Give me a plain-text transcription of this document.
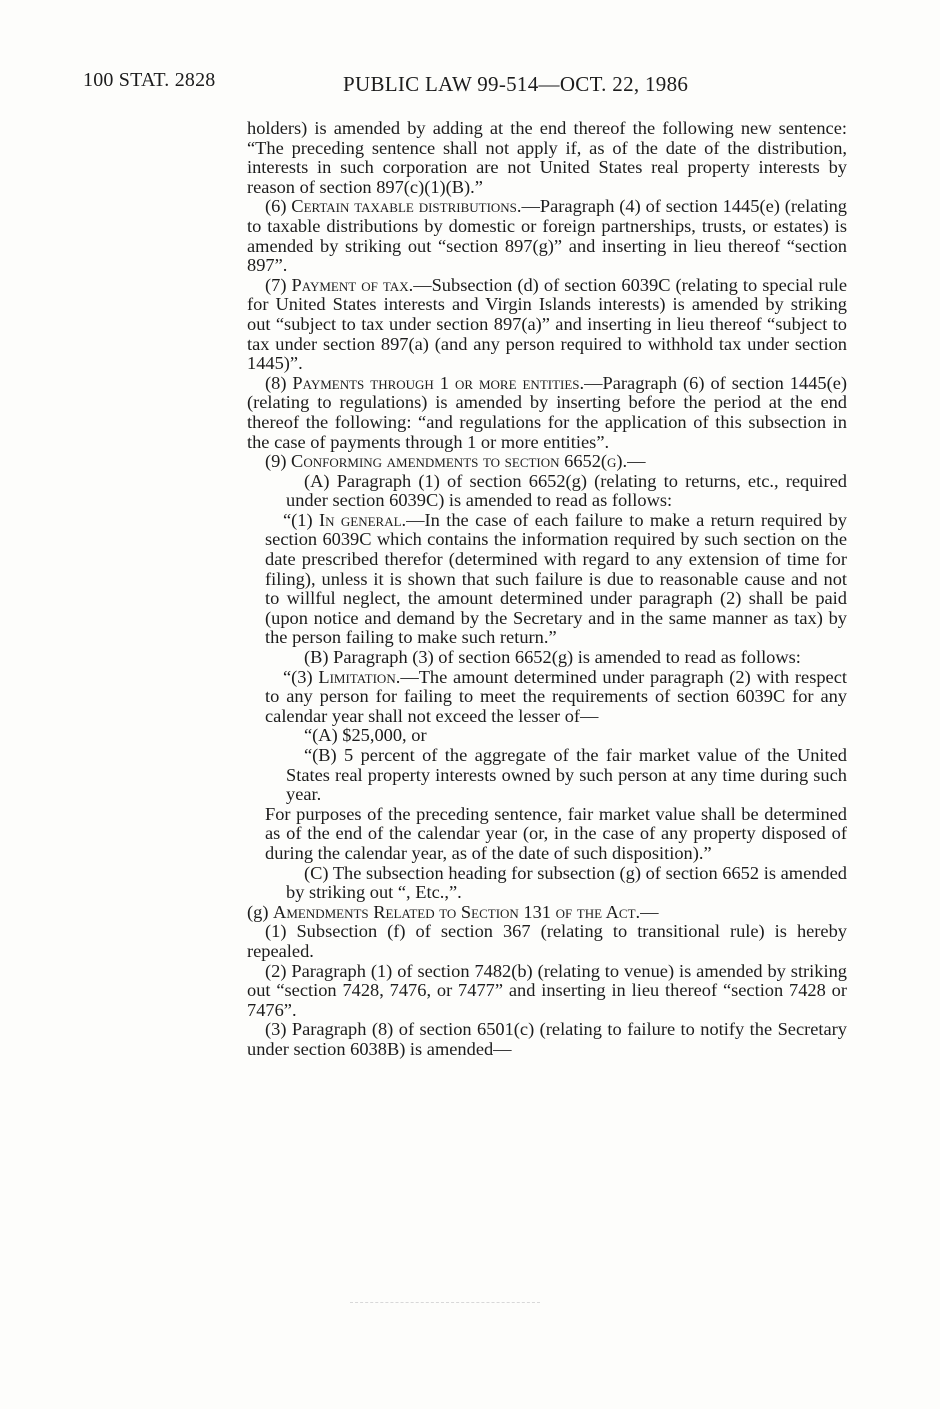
100 STAT. 2828	PUBLIC LAW 99-514—OCT. 22, 1986

holders) is amended by adding at the end thereof the following new sentence: “The preceding sentence shall not apply if, as of the date of the distribution, interests in such corporation are not United States real property interests by reason of section 897(c)(1)(B).”

(6) Certain taxable distributions.—Paragraph (4) of section 1445(e) (relating to taxable distributions by domestic or foreign partnerships, trusts, or estates) is amended by striking out “section 897(g)” and inserting in lieu thereof “section 897”.

(7) Payment of tax.—Subsection (d) of section 6039C (relating to special rule for United States interests and Virgin Islands interests) is amended by striking out “subject to tax under section 897(a)” and inserting in lieu thereof “subject to tax under section 897(a) (and any person required to withhold tax under section 1445)”.

(8) Payments through 1 or more entities.—Paragraph (6) of section 1445(e) (relating to regulations) is amended by inserting before the period at the end thereof the following: “and regulations for the application of this subsection in the case of payments through 1 or more entities”.

(9) Conforming amendments to section 6652(g).—

(A) Paragraph (1) of section 6652(g) (relating to returns, etc., required under section 6039C) is amended to read as follows:

“(1) In general.—In the case of each failure to make a return required by section 6039C which contains the information required by such section on the date prescribed therefor (determined with regard to any extension of time for filing), unless it is shown that such failure is due to reasonable cause and not to willful neglect, the amount determined under paragraph (2) shall be paid (upon notice and demand by the Secretary and in the same manner as tax) by the person failing to make such return.”

(B) Paragraph (3) of section 6652(g) is amended to read as follows:

“(3) Limitation.—The amount determined under paragraph (2) with respect to any person for failing to meet the requirements of section 6039C for any calendar year shall not exceed the lesser of—

“(A) $25,000, or

“(B) 5 percent of the aggregate of the fair market value of the United States real property interests owned by such person at any time during such year.

For purposes of the preceding sentence, fair market value shall be determined as of the end of the calendar year (or, in the case of any property disposed of during the calendar year, as of the date of such disposition).”

(C) The subsection heading for subsection (g) of section 6652 is amended by striking out “, Etc.,”.

(g) Amendments Related to Section 131 of the Act.—

(1) Subsection (f) of section 367 (relating to transitional rule) is hereby repealed.

(2) Paragraph (1) of section 7482(b) (relating to venue) is amended by striking out “section 7428, 7476, or 7477” and inserting in lieu thereof “section 7428 or 7476”.

(3) Paragraph (8) of section 6501(c) (relating to failure to notify the Secretary under section 6038B) is amended—
